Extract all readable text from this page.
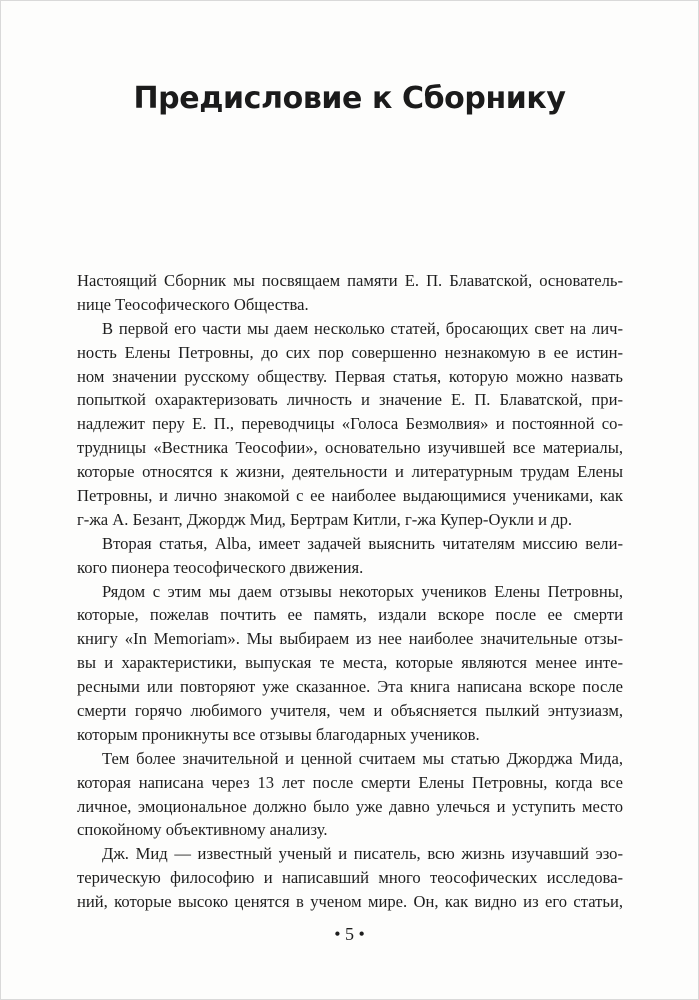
Предисловие к Сборнику
Настоящий Сборник мы посвящаем памяти Е. П. Блаватской, основатель-
нице Теософического Общества.
В первой его части мы даем несколько статей, бросающих свет на лич-
ность Елены Петровны, до сих пор совершенно незнакомую в ее истин-
ном значении русскому обществу. Первая статья, которую можно назвать
попыткой охарактеризовать личность и значение Е. П. Блаватской, при-
надлежит перу Е. П., переводчицы «Голоса Безмолвия» и постоянной со-
трудницы «Вестника Теософии», основательно изучившей все материалы,
которые относятся к жизни, деятельности и литературным трудам Елены
Петровны, и лично знакомой с ее наиболее выдающимися учениками, как
г-жа А. Безант, Джордж Мид, Бертрам Китли, г-жа Купер-Оукли и др.
Вторая статья, Alba, имеет задачей выяснить читателям миссию вели-
кого пионера теософического движения.
Рядом с этим мы даем отзывы некоторых учеников Елены Петровны,
которые, пожелав почтить ее память, издали вскоре после ее смерти
книгу «In Memoriam». Мы выбираем из нее наиболее значительные отзы-
вы и характеристики, выпуская те места, которые являются менее инте-
ресными или повторяют уже сказанное. Эта книга написана вскоре после
смерти горячо любимого учителя, чем и объясняется пылкий энтузиазм,
которым проникнуты все отзывы благодарных учеников.
Тем более значительной и ценной считаем мы статью Джорджа Мида,
которая написана через 13 лет после смерти Елены Петровны, когда все
личное, эмоциональное должно было уже давно улечься и уступить место
спокойному объективному анализу.
Дж. Мид — известный ученый и писатель, всю жизнь изучавший эзо-
терическую философию и написавший много теософических исследова-
ний, которые высоко ценятся в ученом мире. Он, как видно из его статьи,
• 5 •
